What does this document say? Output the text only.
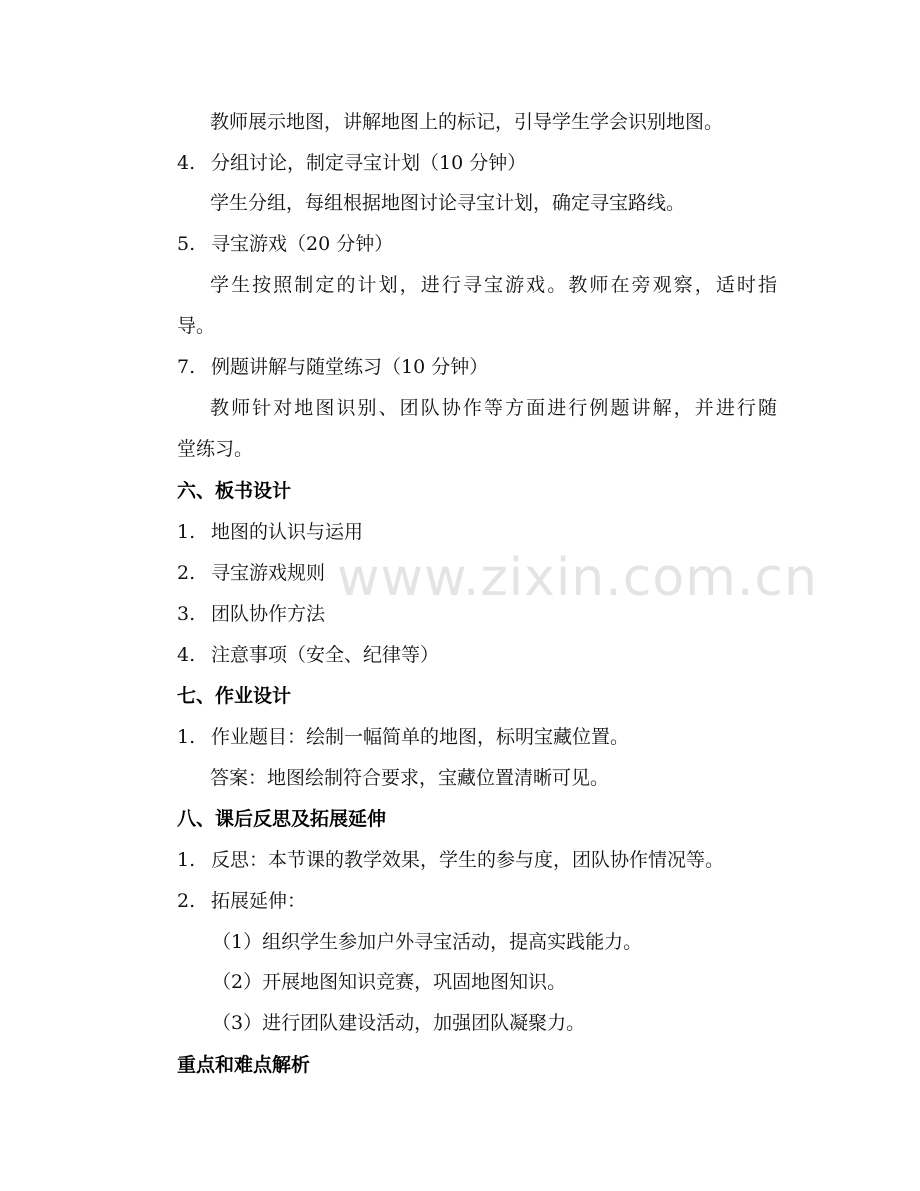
教师展示地图，讲解地图上的标记，引导学生学会识别地图。
4. 分组讨论，制定寻宝计划（10 分钟）
学生分组，每组根据地图讨论寻宝计划，确定寻宝路线。
5. 寻宝游戏（20 分钟）
学生按照制定的计划，进行寻宝游戏。教师在旁观察，适时指
导。
7. 例题讲解与随堂练习（10 分钟）
教师针对地图识别、团队协作等方面进行例题讲解，并进行随
堂练习。
六、板书设计
1. 地图的认识与运用
2. 寻宝游戏规则
3. 团队协作方法
4. 注意事项（安全、纪律等）
七、作业设计
1. 作业题目：绘制一幅简单的地图，标明宝藏位置。
答案：地图绘制符合要求，宝藏位置清晰可见。
八、课后反思及拓展延伸
1. 反思：本节课的教学效果，学生的参与度，团队协作情况等。
2. 拓展延伸：
（1）组织学生参加户外寻宝活动，提高实践能力。
（2）开展地图知识竞赛，巩固地图知识。
（3）进行团队建设活动，加强团队凝聚力。
重点和难点解析
www.zixin.com.cn
